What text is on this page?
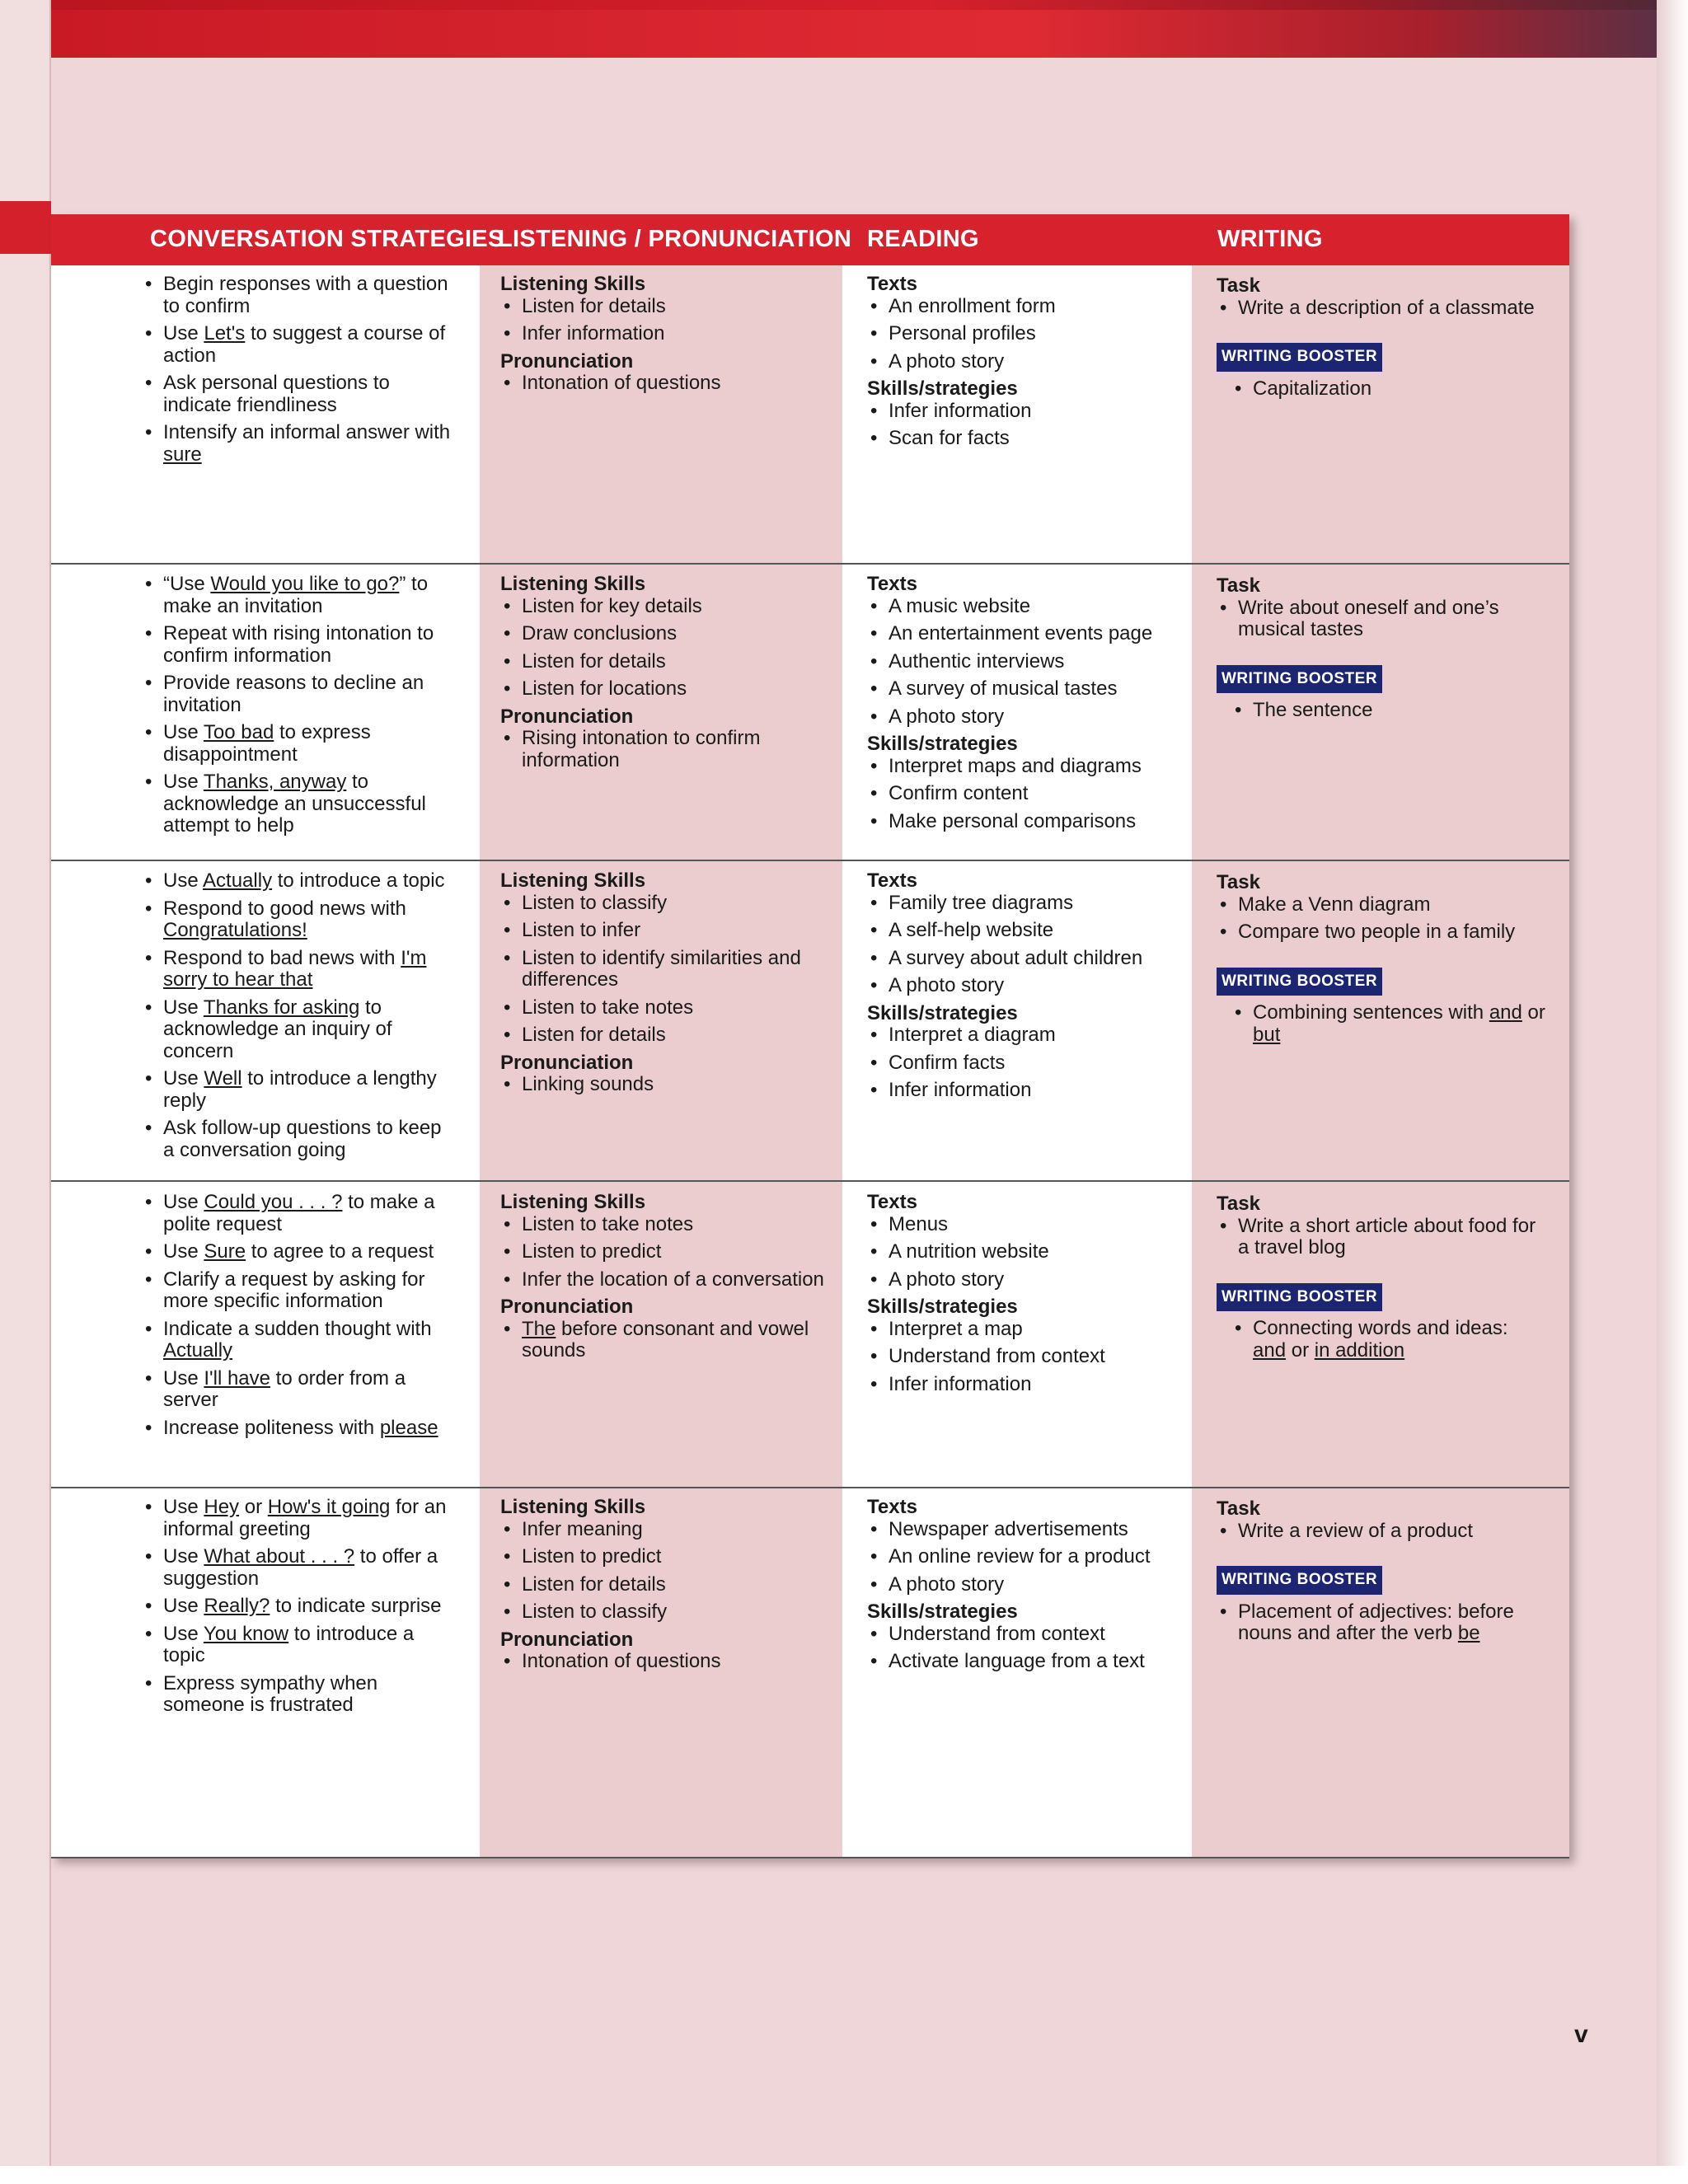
CONVERSATION STRATEGIES
LISTENING / PRONUNCIATION READING	WRITING
• Begin responses with a question to confirm
• Use Let's to suggest a course of action
• Ask personal questions to indicate friendliness
• Intensify an informal answer with sure
Listening Skills
• Listen for details
• Infer information
Pronunciation
• Intonation of questions
Texts
• An enrollment form
• Personal profiles
• A photo story
Skills/strategies
• Infer information
• Scan for facts
Task
• Write a description of a classmate
WRITING BOOSTER
• Capitalization
• “Use Would you like to go?” to make an invitation
• Repeat with rising intonation to confirm information
• Provide reasons to decline an invitation
• Use Too bad to express disappointment
• Use Thanks, anyway to acknowledge an unsuccessful attempt to help
Listening Skills
• Listen for key details
• Draw conclusions
• Listen for details
• Listen for locations
Pronunciation
• Rising intonation to confirm information
Texts
• A music website
• An entertainment events page
• Authentic interviews
• A survey of musical tastes
• A photo story
Skills/strategies
• Interpret maps and diagrams
• Confirm content
• Make personal comparisons
Task
• Write about oneself and one’s musical tastes
WRITING BOOSTER
• The sentence
• Use Actually to introduce a topic
• Respond to good news with Congratulations!
• Respond to bad news with I'm sorry to hear that
• Use Thanks for asking to acknowledge an inquiry of concern
• Use Well to introduce a lengthy reply
• Ask follow-up questions to keep a conversation going
Listening Skills
• Listen to classify
• Listen to infer
• Listen to identify similarities and differences
• Listen to take notes
• Listen for details
Pronunciation
• Linking sounds
Texts
• Family tree diagrams
• A self-help website
• A survey about adult children
• A photo story
Skills/strategies
• Interpret a diagram
• Confirm facts
• Infer information
Task
• Make a Venn diagram
• Compare two people in a family
WRITING BOOSTER
• Combining sentences with and or but
• Use Could you . . . ? to make a polite request
• Use Sure to agree to a request
• Clarify a request by asking for more specific information
• Indicate a sudden thought with Actually
• Use I'll have to order from a server
• Increase politeness with please
Listening Skills
• Listen to take notes
• Listen to predict
• Infer the location of a conversation
Pronunciation
• The before consonant and vowel sounds
Texts
• Menus
• A nutrition website
• A photo story
Skills/strategies
• Interpret a map
• Understand from context
• Infer information
Task
• Write a short article about food for a travel blog
WRITING BOOSTER
• Connecting words and ideas: and or in addition
• Use Hey or How's it going for an informal greeting
• Use What about . . . ? to offer a suggestion
• Use Really? to indicate surprise
• Use You know to introduce a topic
• Express sympathy when someone is frustrated
Listening Skills
• Infer meaning
• Listen to predict
• Listen for details
• Listen to classify
Pronunciation
• Intonation of questions
Texts
• Newspaper advertisements
• An online review for a product
• A photo story
Skills/strategies
• Understand from context
• Activate language from a text
Task
• Write a review of a product
WRITING BOOSTER
• Placement of adjectives: before nouns and after the verb be
v
